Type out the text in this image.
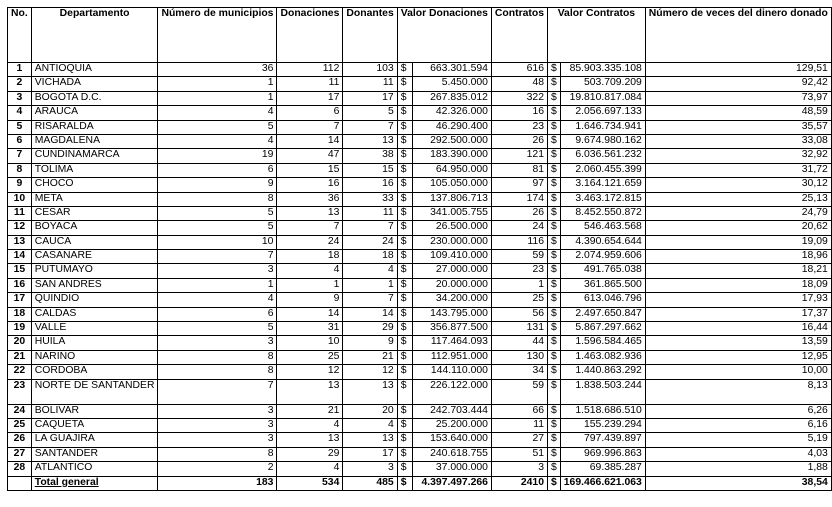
No.	Departamento	Número de municipios	Donaciones	Donantes	Valor Donaciones		Contratos	Valor Contratos		Número de veces del dinero donado
1	ANTIOQUIA	36	112	103	$	663.301.594	616	$	85.903.335.108	129,51
2	VICHADA	1	11	11	$	5.450.000	48	$	503.709.209	92,42
3	BOGOTA D.C.	1	17	17	$	267.835.012	322	$	19.810.817.084	73,97
4	ARAUCA	4	6	5	$	42.326.000	16	$	2.056.697.133	48,59
5	RISARALDA	5	7	7	$	46.290.400	23	$	1.646.734.941	35,57
6	MAGDALENA	4	14	13	$	292.500.000	26	$	9.674.980.162	33,08
7	CUNDINAMARCA	19	47	38	$	183.390.000	121	$	6.036.561.232	32,92
8	TOLIMA	6	15	15	$	64.950.000	81	$	2.060.455.399	31,72
9	CHOCO	9	16	16	$	105.050.000	97	$	3.164.121.659	30,12
10	META	8	36	33	$	137.806.713	174	$	3.463.172.815	25,13
11	CESAR	5	13	11	$	341.005.755	26	$	8.452.550.872	24,79
12	BOYACA	5	7	7	$	26.500.000	24	$	546.463.568	20,62
13	CAUCA	10	24	24	$	230.000.000	116	$	4.390.654.644	19,09
14	CASANARE	7	18	18	$	109.410.000	59	$	2.074.959.606	18,96
15	PUTUMAYO	3	4	4	$	27.000.000	23	$	491.765.038	18,21
16	SAN ANDRES	1	1	1	$	20.000.000	1	$	361.865.500	18,09
17	QUINDIO	4	9	7	$	34.200.000	25	$	613.046.796	17,93
18	CALDAS	6	14	14	$	143.795.000	56	$	2.497.650.847	17,37
19	VALLE	5	31	29	$	356.877.500	131	$	5.867.297.662	16,44
20	HUILA	3	10	9	$	117.464.093	44	$	1.596.584.465	13,59
21	NARIÑO	8	25	21	$	112.951.000	130	$	1.463.082.936	12,95
22	CORDOBA	8	12	12	$	144.110.000	34	$	1.440.863.292	10,00
23	NORTE DE SANTANDER	7	13	13	$	226.122.000	59	$	1.838.503.244	8,13
24	BOLIVAR	3	21	20	$	242.703.444	66	$	1.518.686.510	6,26
25	CAQUETA	3	4	4	$	25.200.000	11	$	155.239.294	6,16
26	LA GUAJIRA	3	13	13	$	153.640.000	27	$	797.439.897	5,19
27	SANTANDER	8	29	17	$	240.618.755	51	$	969.996.863	4,03
28	ATLANTICO	2	4	3	$	37.000.000	3	$	69.385.287	1,88
	Total general	183	534	485	$	4.397.497.266	2410	$	169.466.621.063	38,54
